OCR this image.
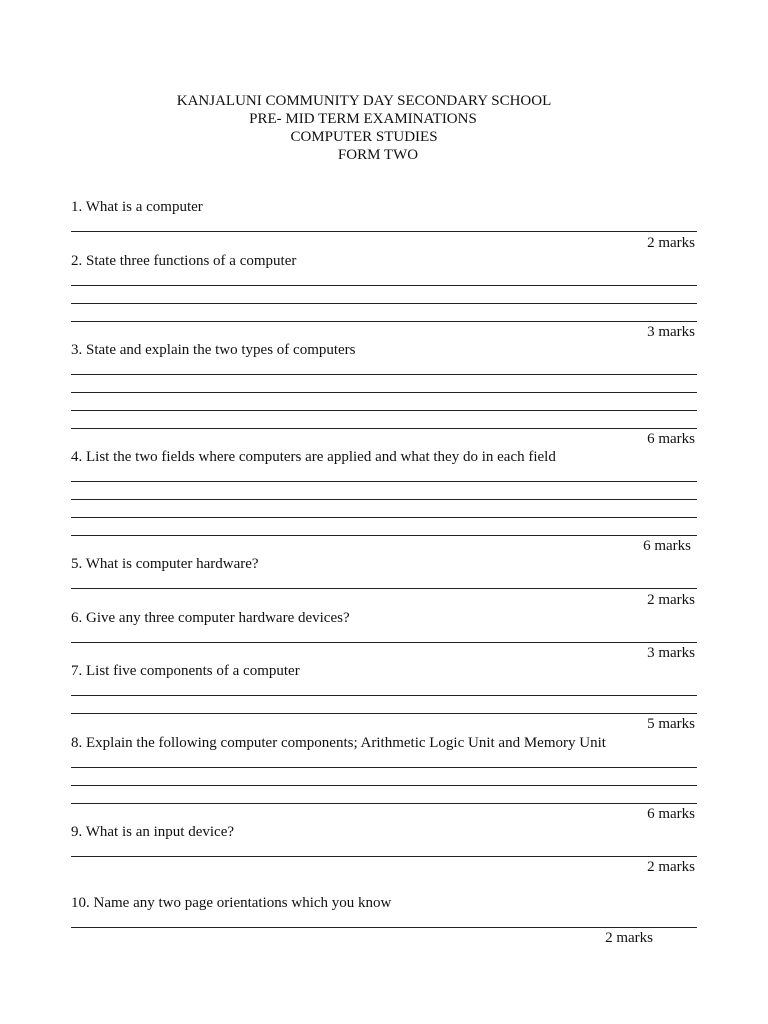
KANJALUNI COMMUNITY DAY SECONDARY SCHOOL
PRE- MID TERM EXAMINATIONS
COMPUTER STUDIES
FORM TWO
1. What is a computer
2 marks
2. State three functions of a computer
3 marks
3. State and explain the two types of computers
6 marks
4. List the two fields where computers are applied and what they do in each field
6 marks
5. What is computer hardware?
2 marks
6. Give any three computer hardware devices?
3 marks
7. List five components of a computer
5 marks
8. Explain the following computer components; Arithmetic Logic Unit and Memory Unit
6 marks
9. What is an input device?
2 marks
10. Name any two page orientations which you know
2 marks
